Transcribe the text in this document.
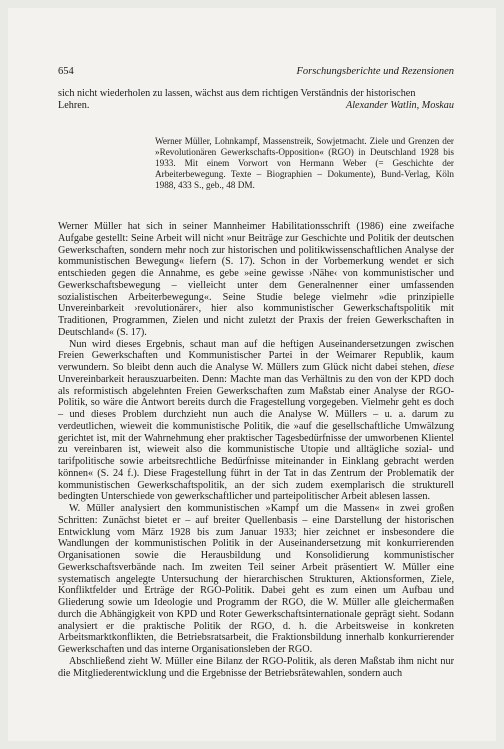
654	Forschungsberichte und Rezensionen
sich nicht wiederholen zu lassen, wächst aus dem richtigen Verständnis der historischen
Lehren.	Alexander Watlin, Moskau
Werner Müller, Lohnkampf, Massenstreik, Sowjetmacht. Ziele und Grenzen der »Revolutionären Gewerkschafts-Opposition« (RGO) in Deutschland 1928 bis 1933. Mit einem Vorwort von Hermann Weber (= Geschichte der Arbeiterbewegung. Texte – Biographien – Dokumente), Bund-Verlag, Köln 1988, 433 S., geb., 48 DM.

Werner Müller hat sich in seiner Mannheimer Habilitationsschrift (1986) eine zweifache Aufgabe gestellt: Seine Arbeit will nicht »nur Beiträge zur Geschichte und Politik der deutschen Gewerkschaften, sondern mehr noch zur historischen und politikwissenschaftlichen Analyse der kommunistischen Bewegung« liefern (S. 17). Schon in der Vorbemerkung wendet er sich entschieden gegen die Annahme, es gebe »eine gewisse ›Nähe‹ von kommunistischer und Gewerkschaftsbewegung – vielleicht unter dem Generalnenner einer umfassenden sozialistischen Arbeiterbewegung«. Seine Studie belege vielmehr »die prinzipielle Unvereinbarkeit ›revolutionärer‹, hier also kommunistischer Gewerkschaftspolitik mit Traditionen, Programmen, Zielen und nicht zuletzt der Praxis der freien Gewerkschaften in Deutschland« (S. 17).

Nun wird dieses Ergebnis, schaut man auf die heftigen Auseinandersetzungen zwischen Freien Gewerkschaften und Kommunistischer Partei in der Weimarer Republik, kaum verwundern. So bleibt denn auch die Analyse W. Müllers zum Glück nicht dabei stehen, diese Unvereinbarkeit herauszuarbeiten. Denn: Machte man das Verhältnis zu den von der KPD doch als reformistisch abgelehnten Freien Gewerkschaften zum Maßstab einer Analyse der RGO-Politik, so wäre die Antwort bereits durch die Fragestellung vorgegeben. Vielmehr geht es doch – und dieses Problem durchzieht nun auch die Analyse W. Müllers – u. a. darum zu verdeutlichen, wieweit die kommunistische Politik, die »auf die gesellschaftliche Umwälzung gerichtet ist, mit der Wahrnehmung eher praktischer Tagesbedürfnisse der umworbenen Klientel zu vereinbaren ist, wieweit also die kommunistische Utopie und alltägliche sozial- und tarifpolitische sowie arbeitsrechtliche Bedürfnisse miteinander in Einklang gebracht werden können« (S. 24 f.). Diese Fragestellung führt in der Tat in das Zentrum der Problematik der kommunistischen Gewerkschaftspolitik, an der sich zudem exemplarisch die strukturell bedingten Unterschiede von gewerkschaftlicher und parteipolitischer Arbeit ablesen lassen.

W. Müller analysiert den kommunistischen »Kampf um die Massen« in zwei großen Schritten: Zunächst bietet er – auf breiter Quellenbasis – eine Darstellung der historischen Entwicklung vom März 1928 bis zum Januar 1933; hier zeichnet er insbesondere die Wandlungen der kommunistischen Politik in der Auseinandersetzung mit konkurrierenden Organisationen sowie die Herausbildung und Konsolidierung kommunistischer Gewerkschaftsverbände nach. Im zweiten Teil seiner Arbeit präsentiert W. Müller eine systematisch angelegte Untersuchung der hierarchischen Strukturen, Aktionsformen, Ziele, Konfliktfelder und Erträge der RGO-Politik. Dabei geht es zum einen um Aufbau und Gliederung sowie um Ideologie und Programm der RGO, die W. Müller alle gleichermaßen durch die Abhängigkeit von KPD und Roter Gewerkschaftsinternationale geprägt sieht. Sodann analysiert er die praktische Politik der RGO, d. h. die Arbeitsweise in konkreten Arbeitsmarktkonflikten, die Betriebsratsarbeit, die Fraktionsbildung innerhalb konkurrierender Gewerkschaften und das interne Organisationsleben der RGO.

Abschließend zieht W. Müller eine Bilanz der RGO-Politik, als deren Maßstab ihm nicht nur die Mitgliederentwicklung und die Ergebnisse der Betriebsrätewahlen, sondern auch
